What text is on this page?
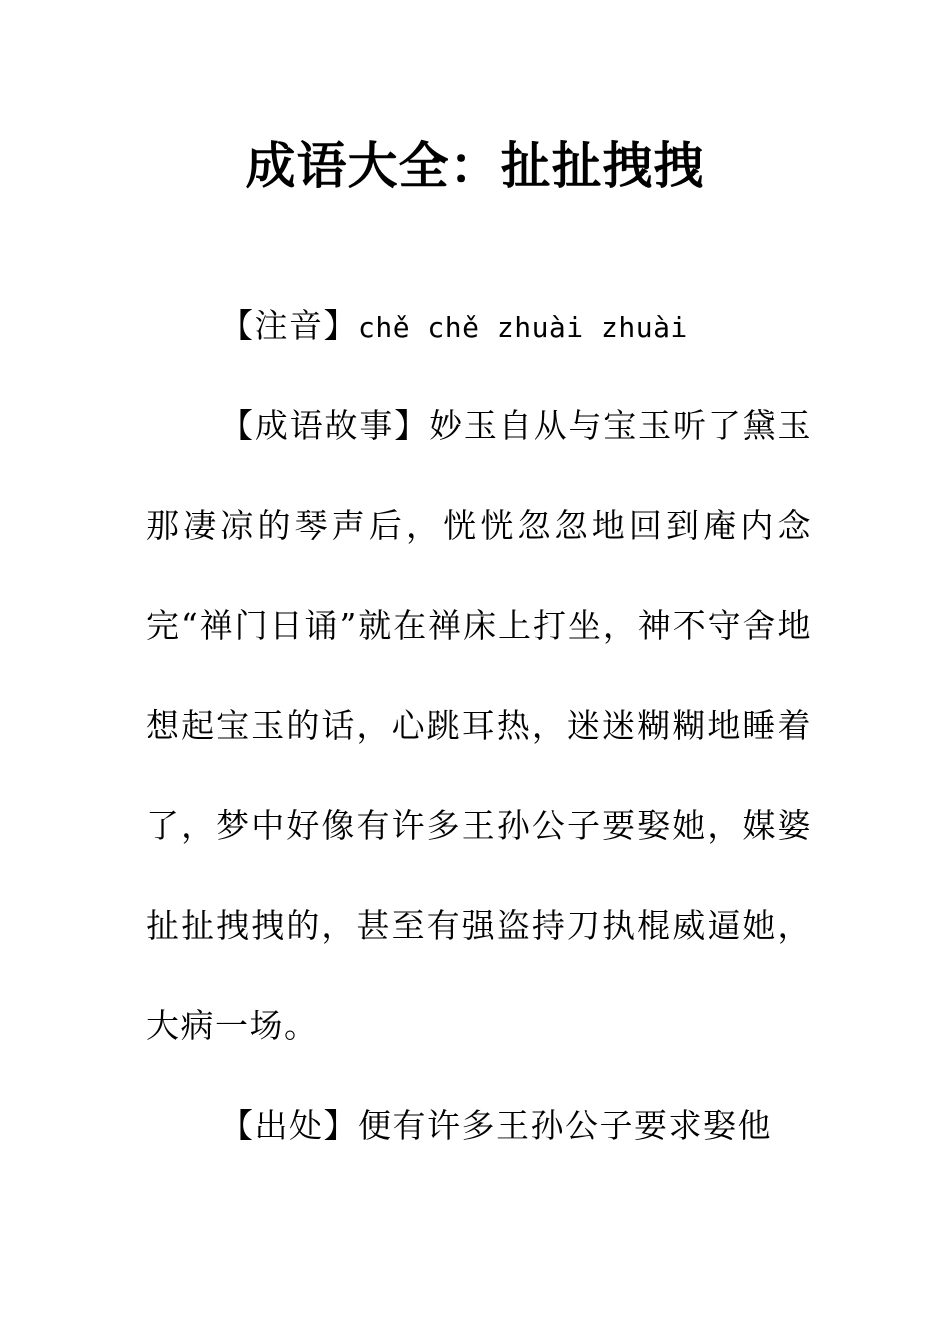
成语大全：扯扯拽拽
【注音】chě chě zhuài zhuài
【成语故事】妙玉自从与宝玉听了黛玉那凄凉的琴声后，恍恍忽忽地回到庵内念完“禅门日诵”就在禅床上打坐，神不守舍地想起宝玉的话，心跳耳热，迷迷糊糊地睡着了，梦中好像有许多王孙公子要娶她，媒婆扯扯拽拽的，甚至有强盗持刀执棍威逼她，大病一场。
【出处】便有许多王孙公子要求娶他
